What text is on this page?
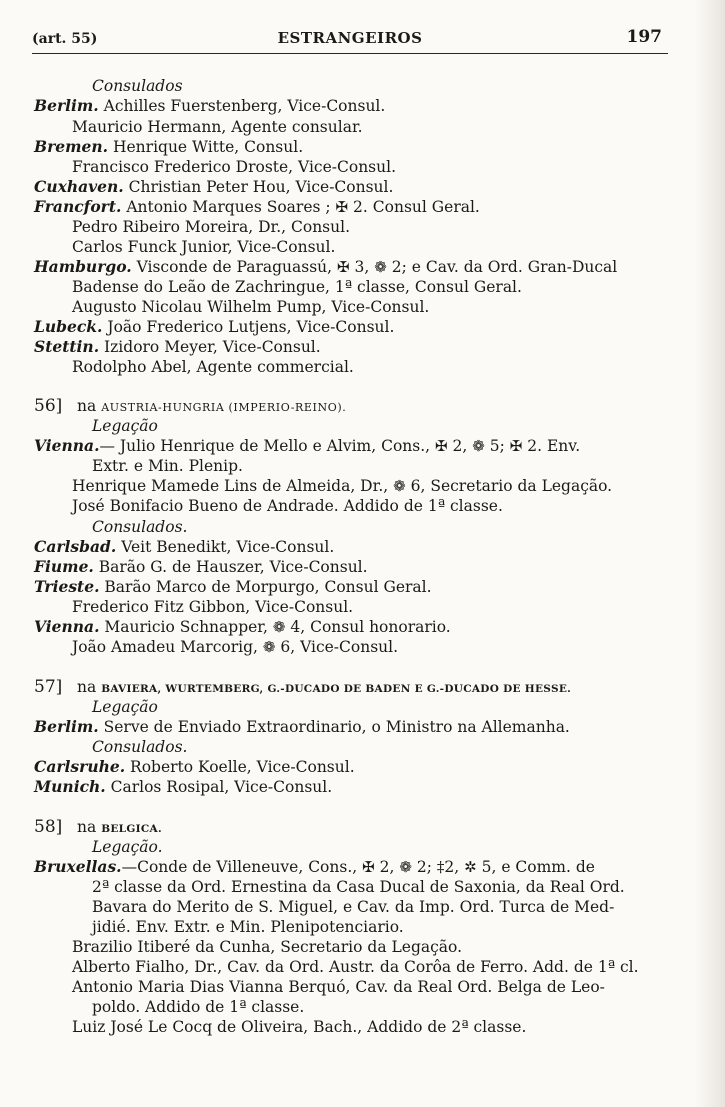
(art. 55)	ESTRANGEIROS	197
Consulados
Berlim. Achilles Fuerstenberg, Vice-Consul.
Mauricio Hermann, Agente consular.
Bremen. Henrique Witte, Consul.
Francisco Frederico Droste, Vice-Consul.
Cuxhaven. Christian Peter Hou, Vice-Consul.
Francfort. Antonio Marques Soares ; ✠ 2. Consul Geral.
Pedro Ribeiro Moreira, Dr., Consul.
Carlos Funck Junior, Vice-Consul.
Hamburgo. Visconde de Paraguassú, ✠ 3, ❁ 2; e Cav. da Ord. Gran-Ducal
Badense do Leão de Zachringue, 1ª classe, Consul Geral.
Augusto Nicolau Wilhelm Pump, Vice-Consul.
Lubeck. João Frederico Lutjens, Vice-Consul.
Stettin. Izidoro Meyer, Vice-Consul.
Rodolpho Abel, Agente commercial.
56] na AUSTRIA-HUNGRIA (IMPERIO-REINO).
Legação
Vienna.— Julio Henrique de Mello e Alvim, Cons., ✠ 2, ❁ 5; ✠ 2. Env.
Extr. e Min. Plenip.
Henrique Mamede Lins de Almeida, Dr., ❁ 6, Secretario da Legação.
José Bonifacio Bueno de Andrade. Addido de 1ª classe.
Consulados.
Carlsbad. Veit Benedikt, Vice-Consul.
Fiume. Barão G. de Hauszer, Vice-Consul.
Trieste. Barão Marco de Morpurgo, Consul Geral.
Frederico Fitz Gibbon, Vice-Consul.
Vienna. Mauricio Schnapper, ❁ 4, Consul honorario.
João Amadeu Marcorig, ❁ 6, Vice-Consul.
57] na BAVIERA, WURTEMBERG, G.-DUCADO DE BADEN E G.-DUCADO DE HESSE.
Legação
Berlim. Serve de Enviado Extraordinario, o Ministro na Allemanha.
Consulados.
Carlsruhe. Roberto Koelle, Vice-Consul.
Munich. Carlos Rosipal, Vice-Consul.
58] na BELGICA.
Legação.
Bruxellas.—Conde de Villeneuve, Cons., ✠ 2, ❁ 2; ‡2, ✲ 5, e Comm. de
2ª classe da Ord. Ernestina da Casa Ducal de Saxonia, da Real Ord.
Bavara do Merito de S. Miguel, e Cav. da Imp. Ord. Turca de Med-
jidié. Env. Extr. e Min. Plenipotenciario.
Brazilio Itiberé da Cunha, Secretario da Legação.
Alberto Fialho, Dr., Cav. da Ord. Austr. da Corôa de Ferro. Add. de 1ª cl.
Antonio Maria Dias Vianna Berquó, Cav. da Real Ord. Belga de Leo-
poldo. Addido de 1ª classe.
Luiz José Le Cocq de Oliveira, Bach., Addido de 2ª classe.
